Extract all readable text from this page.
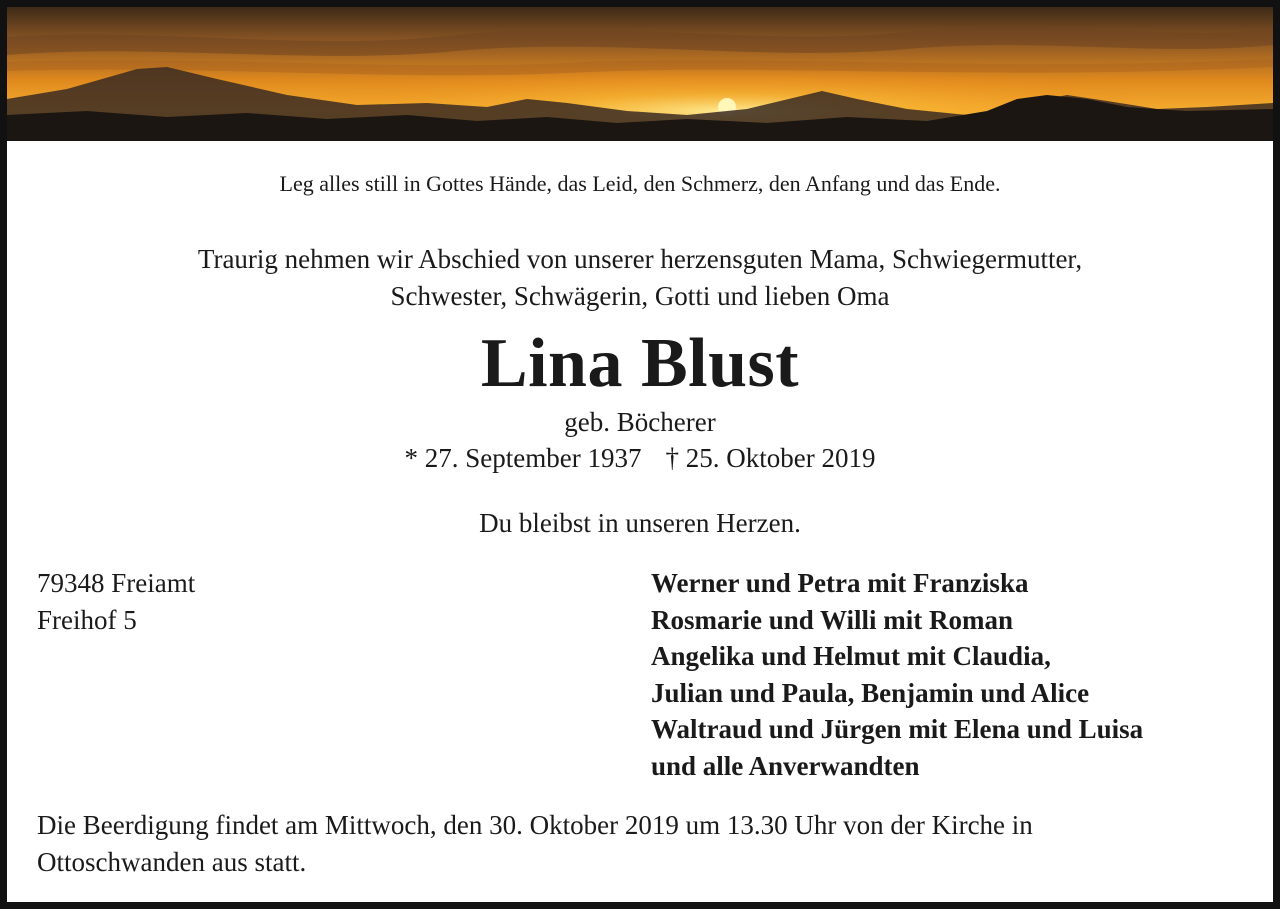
Leg alles still in Gottes Hände, das Leid, den Schmerz, den Anfang und das Ende.
Traurig nehmen wir Abschied von unserer herzensguten Mama, Schwiegermutter,
Schwester, Schwägerin, Gotti und lieben Oma
Lina Blust
geb. Böcherer
* 27. September 1937 † 25. Oktober 2019
Du bleibst in unseren Herzen.
79348 Freiamt
Freihof 5
Werner und Petra mit Franziska
Rosmarie und Willi mit Roman
Angelika und Helmut mit Claudia,
Julian und Paula, Benjamin und Alice
Waltraud und Jürgen mit Elena und Luisa
und alle Anverwandten
Die Beerdigung findet am Mittwoch, den 30. Oktober 2019 um 13.30 Uhr von der Kirche in
Ottoschwanden aus statt.
